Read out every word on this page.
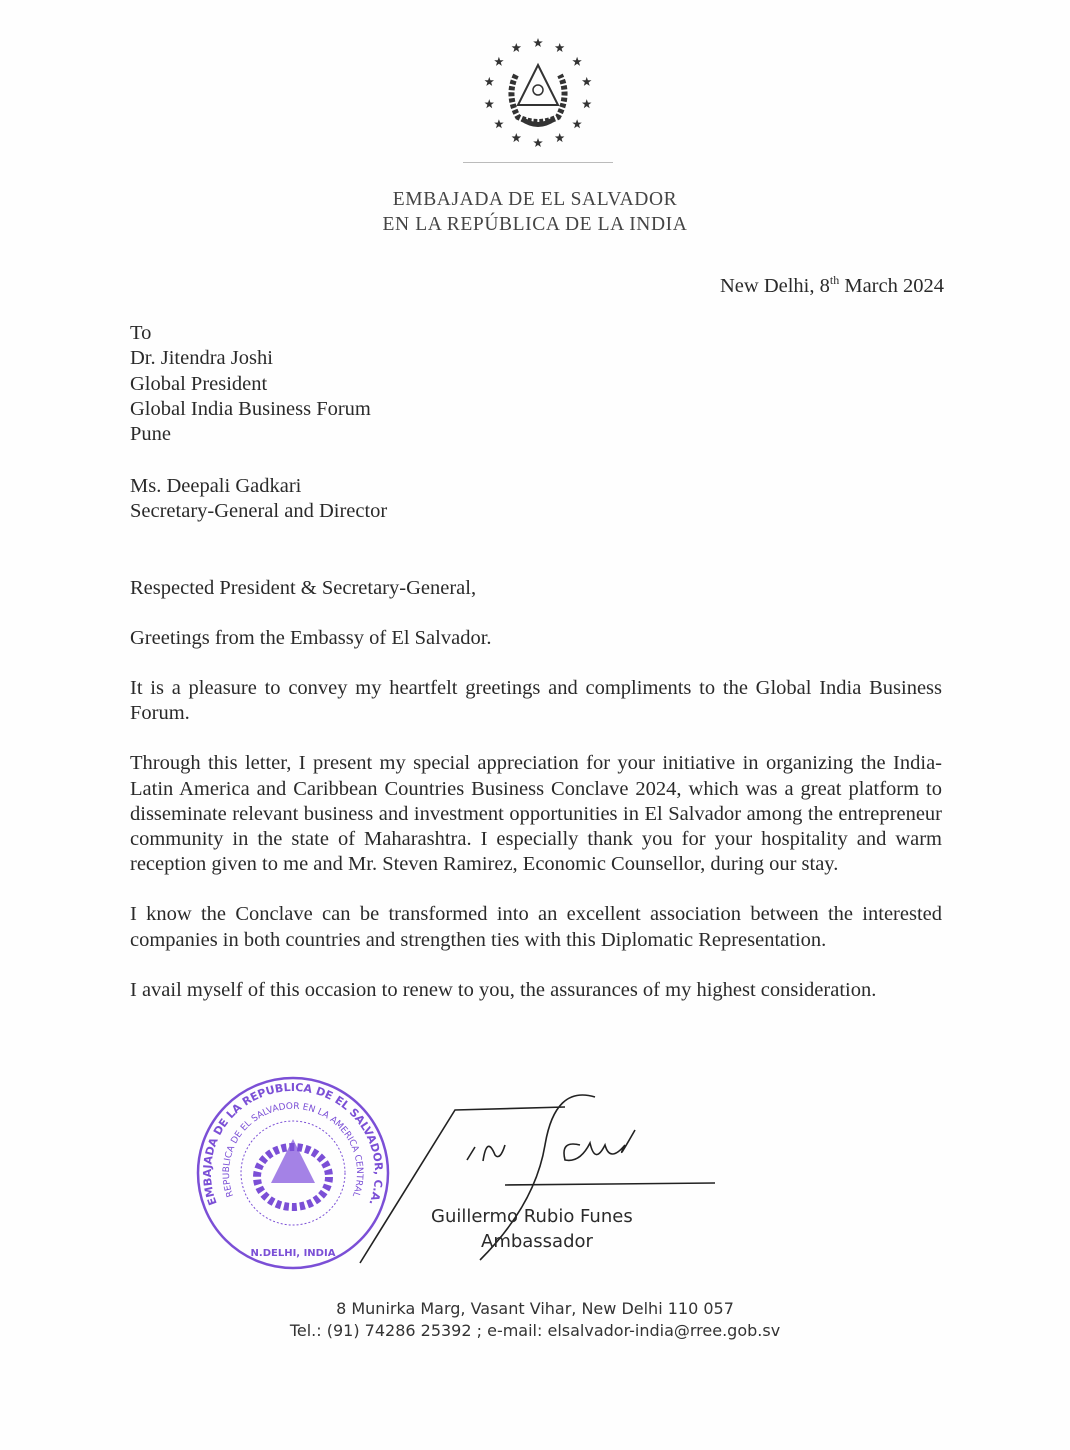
EMBAJADA DE EL SALVADOR
EN LA REPÚBLICA DE LA INDIA

New Delhi, 8th March 2024

To
Dr. Jitendra Joshi
Global President
Global India Business Forum
Pune

Ms. Deepali Gadkari
Secretary-General and Director

Respected President & Secretary-General,

Greetings from the Embassy of El Salvador.

It is a pleasure to convey my heartfelt greetings and compliments to the Global India Business Forum.

Through this letter, I present my special appreciation for your initiative in organizing the India-Latin America and Caribbean Countries Business Conclave 2024, which was a great platform to disseminate relevant business and investment opportunities in El Salvador among the entrepreneur community in the state of Maharashtra. I especially thank you for your hospitality and warm reception given to me and Mr. Steven Ramirez, Economic Counsellor, during our stay.

I know the Conclave can be transformed into an excellent association between the interested companies in both countries and strengthen ties with this Diplomatic Representation.

I avail myself of this occasion to renew to you, the assurances of my highest consideration.

EMBAJADA DE LA REPUBLICA DE EL SALVADOR, C.A.
REPUBLICA DE EL SALVADOR EN LA AMERICA CENTRAL
N.DELHI, INDIA
Guillermo Rubio Funes
Ambassador
8 Munirka Marg, Vasant Vihar, New Delhi 110 057
Tel.: (91) 74286 25392 ; e-mail: elsalvador-india@rree.gob.sv
